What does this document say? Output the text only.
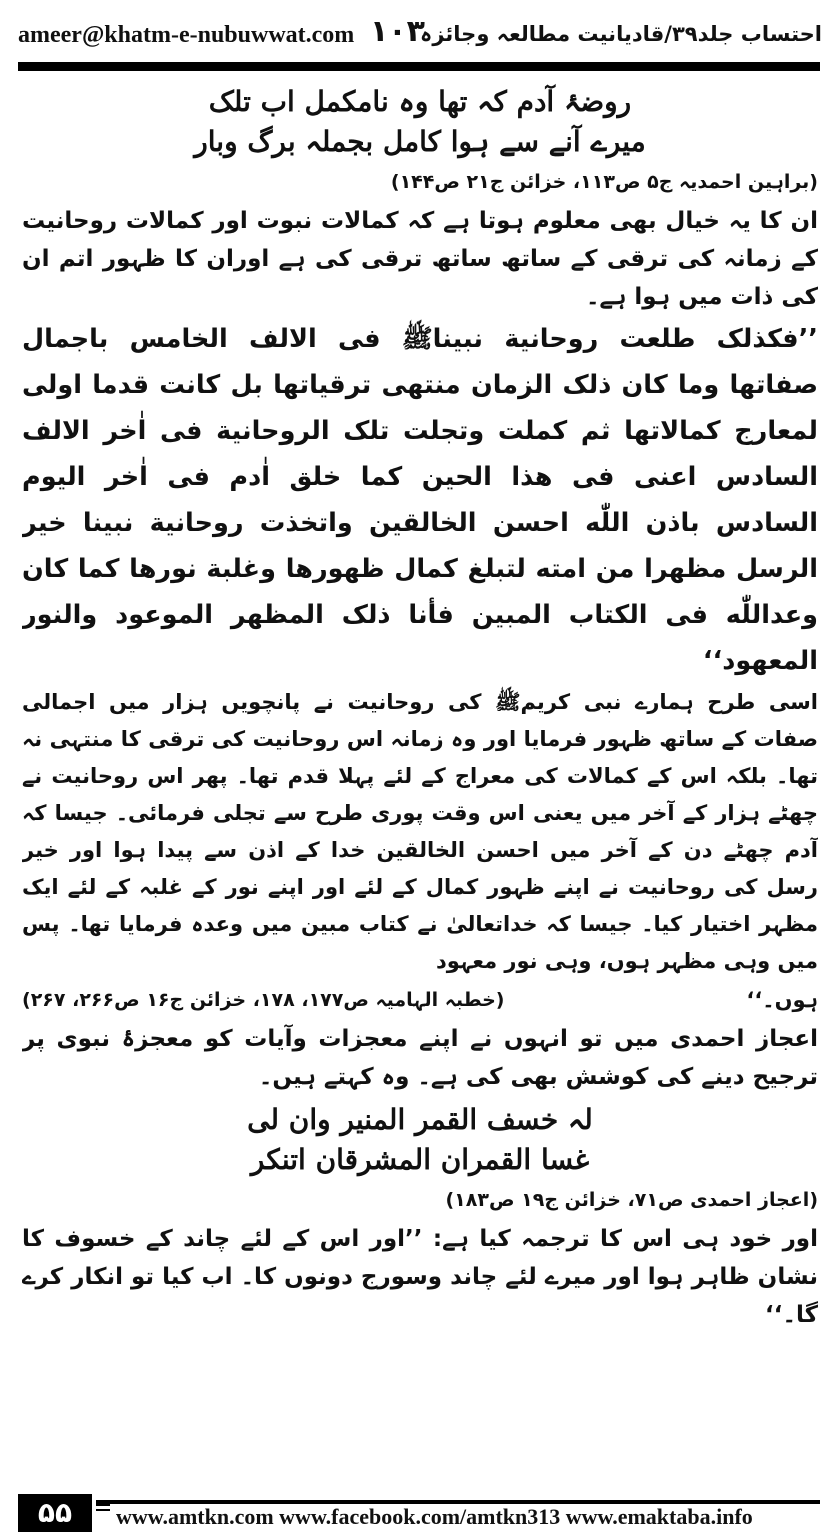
ameer@khatm-e-nubuwwat.com ١٠٣
احتساب جلد۳۹/قادیانیت مطالعہ وجائزہ

روضۂ آدم کہ تھا وہ نامکمل اب تلک

میرے آنے سے ہوا کامل بجملہ برگ وبار

(براہین احمدیہ ج۵ ص۱۱۳، خزائن ج۲۱ ص۱۴۴)

ان کا یہ خیال بھی معلوم ہوتا ہے کہ کمالات نبوت اور کمالات روحانیت کے زمانہ کی ترقی کے ساتھ ساتھ ترقی کی ہے اوران کا ظہور اتم ان کی ذات میں ہوا ہے۔

’’فکذلک طلعت روحانیة نبیناﷺ فی الالف الخامس باجمال صفاتها وما کان ذلک الزمان منتهی ترقیاتها بل کانت قدما اولی لمعارج کمالاتها ثم کملت وتجلت تلک الروحانیة فی اٰخر الالف السادس اعنی فی هذا الحین کما خلق اٰدم فی اٰخر الیوم السادس باذن اللّٰه احسن الخالقین واتخذت روحانیة نبینا خیر الرسل مظهرا من امته لتبلغ کمال ظهورها وغلبة نورها کما کان وعداللّٰه فی الکتاب المبین فأنا ذلک المظهر الموعود والنور المعهود‘‘

اسی طرح ہمارے نبی کریمﷺ کی روحانیت نے پانچویں ہزار میں اجمالی صفات کے ساتھ ظہور فرمایا اور وہ زمانہ اس روحانیت کی ترقی کا منتہی نہ تھا۔ بلکہ اس کے کمالات کی معراج کے لئے پہلا قدم تھا۔ پھر اس روحانیت نے چھٹے ہزار کے آخر میں یعنی اس وقت پوری طرح سے تجلی فرمائی۔ جیسا کہ آدم چھٹے دن کے آخر میں احسن الخالقین خدا کے اذن سے پیدا ہوا اور خیر رسل کی روحانیت نے اپنے ظہور کمال کے لئے اور اپنے نور کے غلبہ کے لئے ایک مظہر اختیار کیا۔ جیسا کہ خداتعالیٰ نے کتاب مبین میں وعدہ فرمایا تھا۔ پس میں وہی مظہر ہوں، وہی نور معہود

ہوں۔‘‘
(خطبہ الہامیہ ص۱۷۷، ۱۷۸، خزائن ج۱۶ ص۲۶۶، ۲۶۷)

اعجاز احمدی میں تو انہوں نے اپنے معجزات وآیات کو معجزۂ نبوی پر ترجیح دینے کی کوشش بھی کی ہے۔ وہ کہتے ہیں۔

لہ خسف القمر المنیر وان لی

غسا القمران المشرقان اتنکر

(اعجاز احمدی ص۷۱، خزائن ج۱۹ ص۱۸۳)

اور خود ہی اس کا ترجمہ کیا ہے: ’’اور اس کے لئے چاند کے خسوف کا نشان ظاہر ہوا اور میرے لئے چاند وسورج دونوں کا۔ اب کیا تو انکار کرے گا۔‘‘

۵۵	www.amtkn.com www.facebook.com/amtkn313 www.emaktaba.info
